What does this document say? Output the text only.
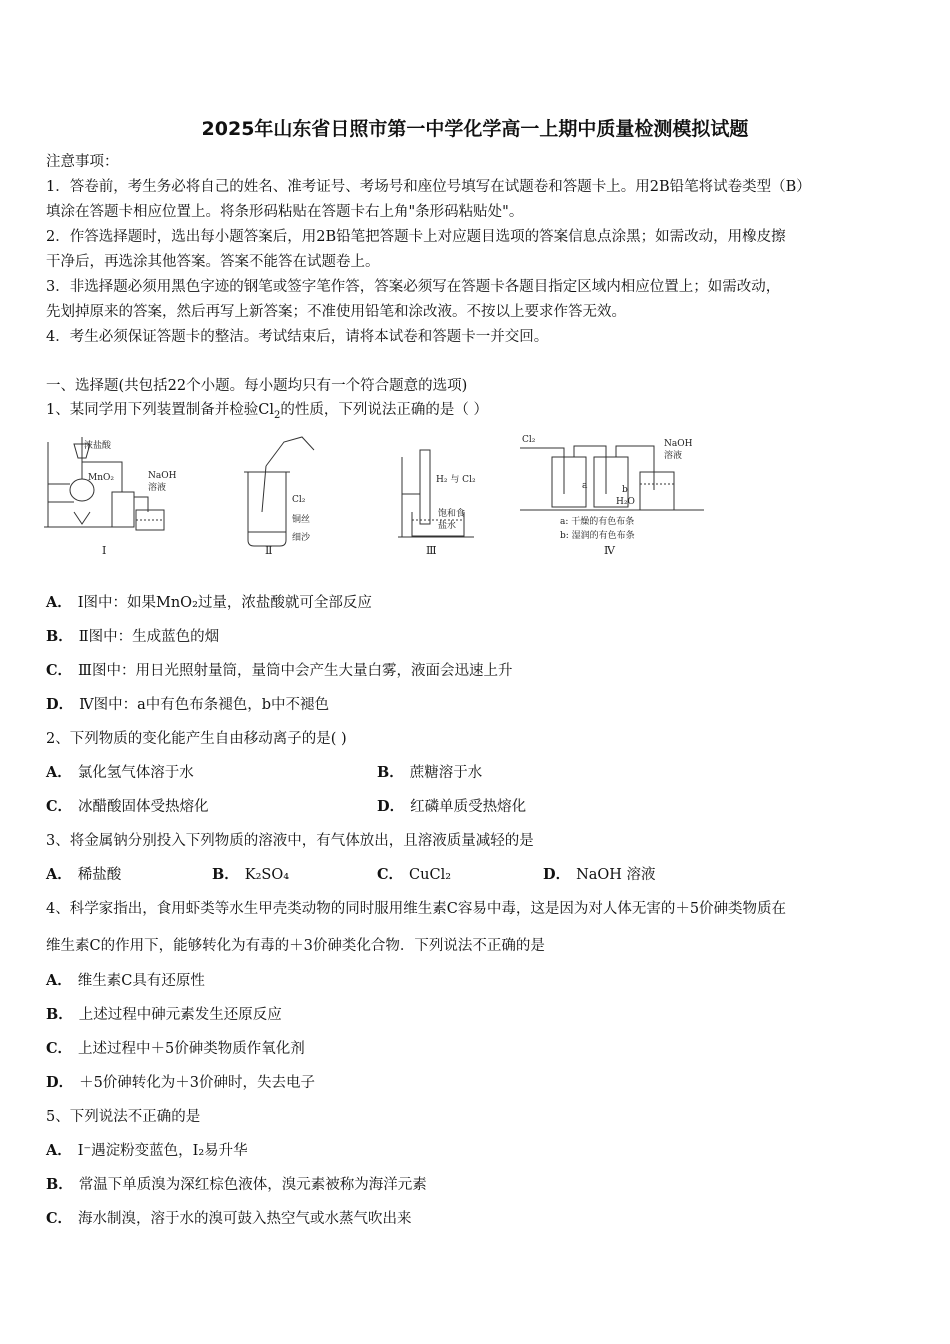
2025年山东省日照市第一中学化学高一上期中质量检测模拟试题
注意事项：
1．答卷前，考生务必将自己的姓名、准考证号、考场号和座位号填写在试题卷和答题卡上。用2B铅笔将试卷类型（B）
填涂在答题卡相应位置上。将条形码粘贴在答题卡右上角"条形码粘贴处"。
2．作答选择题时，选出每小题答案后，用2B铅笔把答题卡上对应题目选项的答案信息点涂黑；如需改动，用橡皮擦
干净后，再选涂其他答案。答案不能答在试题卷上。
3．非选择题必须用黑色字迹的钢笔或签字笔作答，答案必须写在答题卡各题目指定区域内相应位置上；如需改动，
先划掉原来的答案，然后再写上新答案；不准使用铅笔和涂改液。不按以上要求作答无效。
4．考生必须保证答题卡的整洁。考试结束后，请将本试卷和答题卡一并交回。
一、选择题(共包括22个小题。每小题均只有一个符合题意的选项)
1、某同学用下列装置制备并检验$Cl_2$的性质，下列说法正确的是（ ）
浓盐酸
MnO₂	NaOH
溶液
Ⅰ
Cl₂
铜丝
细沙
Ⅱ
H₂ 与 Cl₂
饱和食
盐水
Ⅲ
Cl₂	NaOH
溶液
a	b
H₂O
a: 干燥的有色布条
b: 湿润的有色布条
Ⅳ
A． Ⅰ图中：如果MnO₂过量，浓盐酸就可全部反应
B． Ⅱ图中：生成蓝色的烟
C． Ⅲ图中：用日光照射量筒，量筒中会产生大量白雾，液面会迅速上升
D． Ⅳ图中：a中有色布条褪色，b中不褪色
2、下列物质的变化能产生自由移动离子的是( )
A． 氯化氢气体溶于水	B． 蔗糖溶于水
C． 冰醋酸固体受热熔化	D． 红磷单质受热熔化
3、将金属钠分别投入下列物质的溶液中，有气体放出，且溶液质量减轻的是
A． 稀盐酸	B． K₂SO₄	C． CuCl₂	D． NaOH 溶液
4、科学家指出，食用虾类等水生甲壳类动物的同时服用维生素C容易中毒，这是因为对人体无害的＋5价砷类物质在
维生素C的作用下，能够转化为有毒的＋3价砷类化合物．下列说法不正确的是
A． 维生素C具有还原性
B． 上述过程中砷元素发生还原反应
C． 上述过程中＋5价砷类物质作氧化剂
D． ＋5价砷转化为＋3价砷时，失去电子
5、下列说法不正确的是
A． I⁻遇淀粉变蓝色，I₂易升华
B． 常温下单质溴为深红棕色液体，溴元素被称为海洋元素
C． 海水制溴，溶于水的溴可鼓入热空气或水蒸气吹出来
